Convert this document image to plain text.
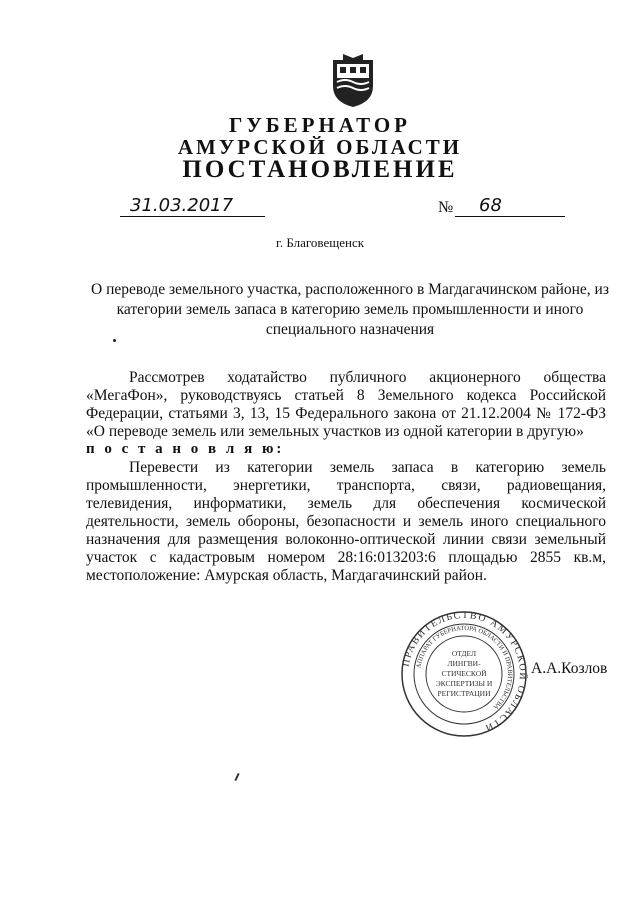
ГУБЕРНАТОР
АМУРСКОЙ ОБЛАСТИ
ПОСТАНОВЛЕНИЕ
31.03.2017	№	68
г. Благовещенск
О переводе земельного участка, расположенного в Магдагачинском районе, из категории земель запаса в категорию земель промышленности и иного специального назначения
Рассмотрев ходатайство публичного акционерного общества «МегаФон», руководствуясь статьей 8 Земельного кодекса Российской Федерации, статьями 3, 13, 15 Федерального закона от 21.12.2004 № 172-ФЗ «О переводе земель или земельных участков из одной категории в другую»
п о с т а н о в л я ю:
Перевести из категории земель запаса в категорию земель промышленности, энергетики, транспорта, связи, радиовещания, телевидения, информатики, земель для обеспечения космической деятельности, земель обороны, безопасности и земель иного специального назначения для размещения волоконно-оптической линии связи земельный участок с кадастровым номером 28:16:013203:6 площадью 2855 кв.м, местоположение: Амурская область, Магдагачинский район.
ПРАВИТЕЛЬСТВО АМУРСКОЙ ОБЛАСТИ
АППАРАТ ГУБЕРНАТОРА ОБЛАСТИ И ПРАВИТЕЛЬСТВА
ОТДЕЛ
ЛИНГВИ-
СТИЧЕСКОЙ
ЭКСПЕРТИЗЫ И
РЕГИСТРАЦИИ
А.А.Козлов
